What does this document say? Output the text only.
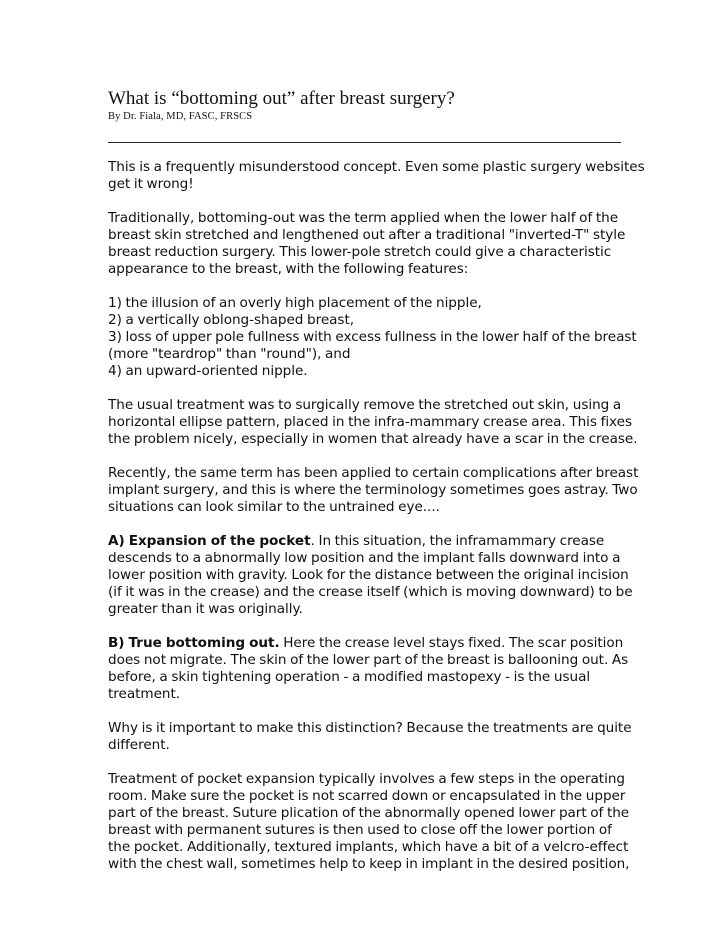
What is “bottoming out” after breast surgery?
By Dr. Fiala, MD, FASC, FRSCS

This is a frequently misunderstood concept. Even some plastic surgery websites
get it wrong!

Traditionally, bottoming-out was the term applied when the lower half of the
breast skin stretched and lengthened out after a traditional "inverted-T" style
breast reduction surgery. This lower-pole stretch could give a characteristic
appearance to the breast, with the following features:

1) the illusion of an overly high placement of the nipple,
2) a vertically oblong-shaped breast,
3) loss of upper pole fullness with excess fullness in the lower half of the breast
(more "teardrop" than "round"), and
4) an upward-oriented nipple.

The usual treatment was to surgically remove the stretched out skin, using a
horizontal ellipse pattern, placed in the infra-mammary crease area. This fixes
the problem nicely, especially in women that already have a scar in the crease.

Recently, the same term has been applied to certain complications after breast
implant surgery, and this is where the terminology sometimes goes astray. Two
situations can look similar to the untrained eye....

A) Expansion of the pocket. In this situation, the inframammary crease
descends to a abnormally low position and the implant falls downward into a
lower position with gravity. Look for the distance between the original incision
(if it was in the crease) and the crease itself (which is moving downward) to be
greater than it was originally.

B) True bottoming out. Here the crease level stays fixed. The scar position
does not migrate. The skin of the lower part of the breast is ballooning out. As
before, a skin tightening operation - a modified mastopexy - is the usual
treatment.

Why is it important to make this distinction? Because the treatments are quite
different.

Treatment of pocket expansion typically involves a few steps in the operating
room. Make sure the pocket is not scarred down or encapsulated in the upper
part of the breast. Suture plication of the abnormally opened lower part of the
breast with permanent sutures is then used to close off the lower portion of
the pocket. Additionally, textured implants, which have a bit of a velcro-effect
with the chest wall, sometimes help to keep in implant in the desired position,
